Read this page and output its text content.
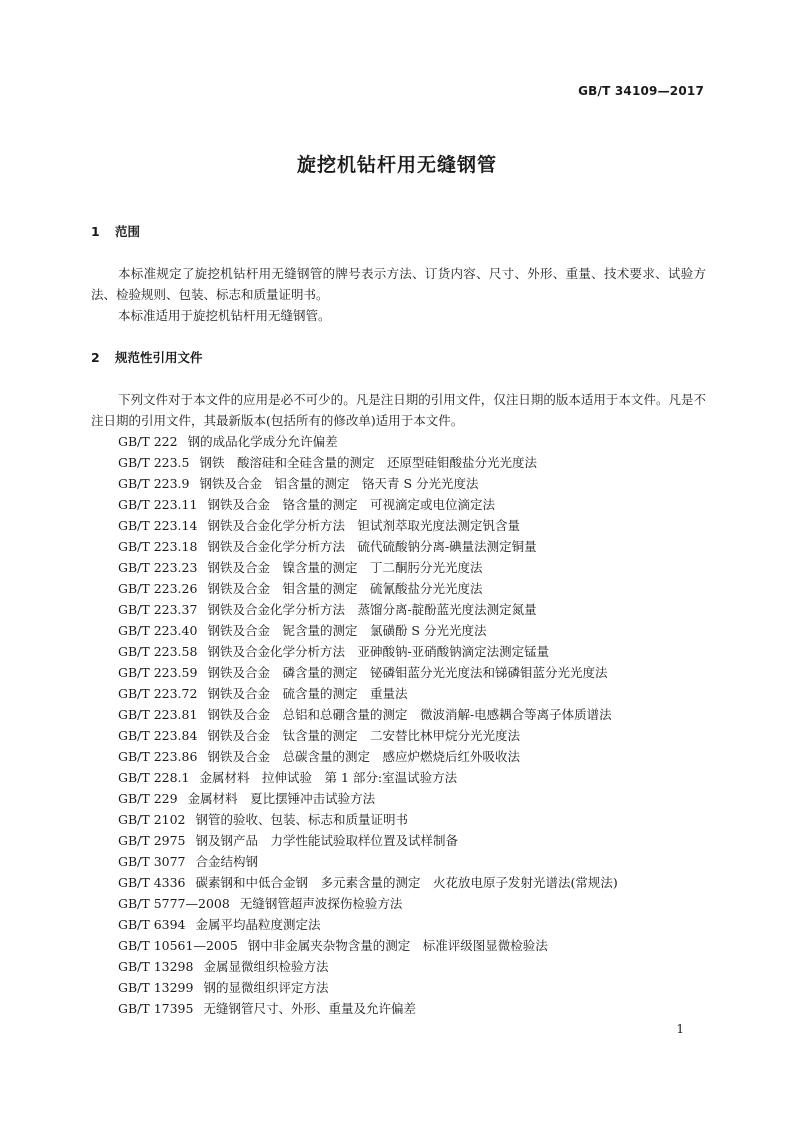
GB/T 34109—2017
旋挖机钻杆用无缝钢管
1 范围

本标准规定了旋挖机钻杆用无缝钢管的牌号表示方法、订货内容、尺寸、外形、重量、技术要求、试验方法、检验规则、包装、标志和质量证明书。

本标准适用于旋挖机钻杆用无缝钢管。

2 规范性引用文件

下列文件对于本文件的应用是必不可少的。凡是注日期的引用文件，仅注日期的版本适用于本文件。凡是不注日期的引用文件，其最新版本(包括所有的修改单)适用于本文件。

GB/T 222 钢的成品化学成分允许偏差
GB/T 223.5 钢铁　酸溶硅和全硅含量的测定　还原型硅钼酸盐分光光度法
GB/T 223.9 钢铁及合金　铝含量的测定　铬天青 S 分光光度法
GB/T 223.11 钢铁及合金　铬含量的测定　可视滴定或电位滴定法
GB/T 223.14 钢铁及合金化学分析方法　钽试剂萃取光度法测定钒含量
GB/T 223.18 钢铁及合金化学分析方法　硫代硫酸钠分离-碘量法测定铜量
GB/T 223.23 钢铁及合金　镍含量的测定　丁二酮肟分光光度法
GB/T 223.26 钢铁及合金　钼含量的测定　硫氰酸盐分光光度法
GB/T 223.37 钢铁及合金化学分析方法　蒸馏分离-靛酚蓝光度法测定氮量
GB/T 223.40 钢铁及合金　铌含量的测定　氯磺酚 S 分光光度法
GB/T 223.58 钢铁及合金化学分析方法　亚砷酸钠-亚硝酸钠滴定法测定锰量
GB/T 223.59 钢铁及合金　磷含量的测定　铋磷钼蓝分光光度法和锑磷钼蓝分光光度法
GB/T 223.72 钢铁及合金　硫含量的测定　重量法
GB/T 223.81 钢铁及合金　总铝和总硼含量的测定　微波消解-电感耦合等离子体质谱法
GB/T 223.84 钢铁及合金　钛含量的测定　二安替比林甲烷分光光度法
GB/T 223.86 钢铁及合金　总碳含量的测定　感应炉燃烧后红外吸收法
GB/T 228.1 金属材料　拉伸试验　第 1 部分:室温试验方法
GB/T 229 金属材料　夏比摆锤冲击试验方法
GB/T 2102 钢管的验收、包装、标志和质量证明书
GB/T 2975 钢及钢产品　力学性能试验取样位置及试样制备
GB/T 3077 合金结构钢
GB/T 4336 碳素钢和中低合金钢　多元素含量的测定　火花放电原子发射光谱法(常规法)
GB/T 5777—2008 无缝钢管超声波探伤检验方法
GB/T 6394 金属平均晶粒度测定法
GB/T 10561—2005 钢中非金属夹杂物含量的测定　标准评级图显微检验法
GB/T 13298 金属显微组织检验方法
GB/T 13299 钢的显微组织评定方法
GB/T 17395 无缝钢管尺寸、外形、重量及允许偏差
1
